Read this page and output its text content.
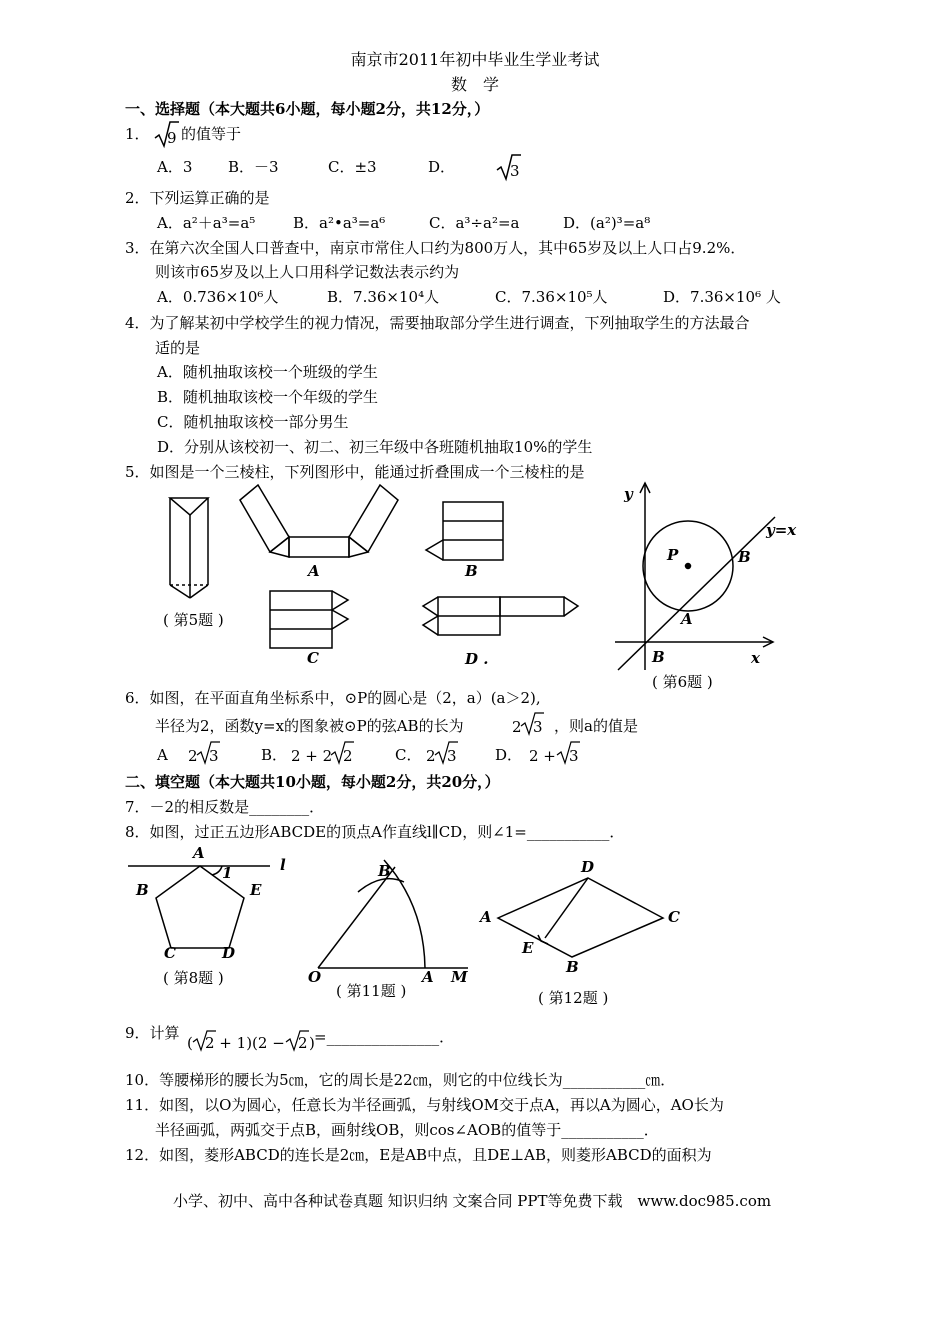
南京市2011年初中毕业生学业考试
数　学
一、选择题（本大题共6小题，每小题2分，共12分，）
1． 的值等于
A．3 B．－3	C．±3	D．
2．下列运算正确的是
A．a²＋a³=a⁵	B．a²•a³=a⁶	C．a³÷a²=a	D．(a²)³=a⁸
3．在第六次全国人口普查中，南京市常住人口约为800万人，其中65岁及以上人口占9.2%．
则该市65岁及以上人口用科学记数法表示约为
A．0.736×10⁶人	B．7.36×10⁴人	C．7.36×10⁵人	D．7.36×10⁶ 人
4．为了解某初中学校学生的视力情况，需要抽取部分学生进行调查，下列抽取学生的方法最合
适的是
A．随机抽取该校一个班级的学生
B．随机抽取该校一个年级的学生
C．随机抽取该校一部分男生
D．分别从该校初一、初二、初三年级中各班随机抽取10%的学生
5．如图是一个三棱柱，下列图形中，能通过折叠围成一个三棱柱的是
6．如图，在平面直角坐标系中，⊙P的圆心是（2，a）(a＞2),
半径为2，函数y=x的图象被⊙P的弦AB的长为	，则a的值是
A	B．	C．	D．
二、填空题（本大题共10小题，每小题2分，共20分，）
7．－2的相反数是________．
8．如图，过正五边形ABCDE的顶点A作直线l∥CD，则∠1=___________．
9．计算	=_______________．
10．等腰梯形的腰长为5㎝，它的周长是22㎝，则它的中位线长为___________㎝．
11．如图，以O为圆心，任意长为半径画弧，与射线OM交于点A，再以A为圆心，AO长为
半径画弧，两弧交于点B，画射线OB，则cos∠AOB的值等于___________．
12．如图，菱形ABCD的连长是2㎝，E是AB中点，且DE⊥AB，则菱形ABCD的面积为
小学、初中、高中各种试卷真题 知识归纳 文案合同 PPT等免费下载　www.doc985.com
9
3
2 3	2 + 2 2	2 3	2 + 3
2 3
( 2 + 1)(2 − 2 )
( 第5题 )
A	B
C	D .
y
y=x
P	B
A
B	x
( 第6题 )
A
1	l
B	E
C	D
( 第8题 )
B
O	A M
( 第11题 )
D
A	C
E
B
( 第12题 )
